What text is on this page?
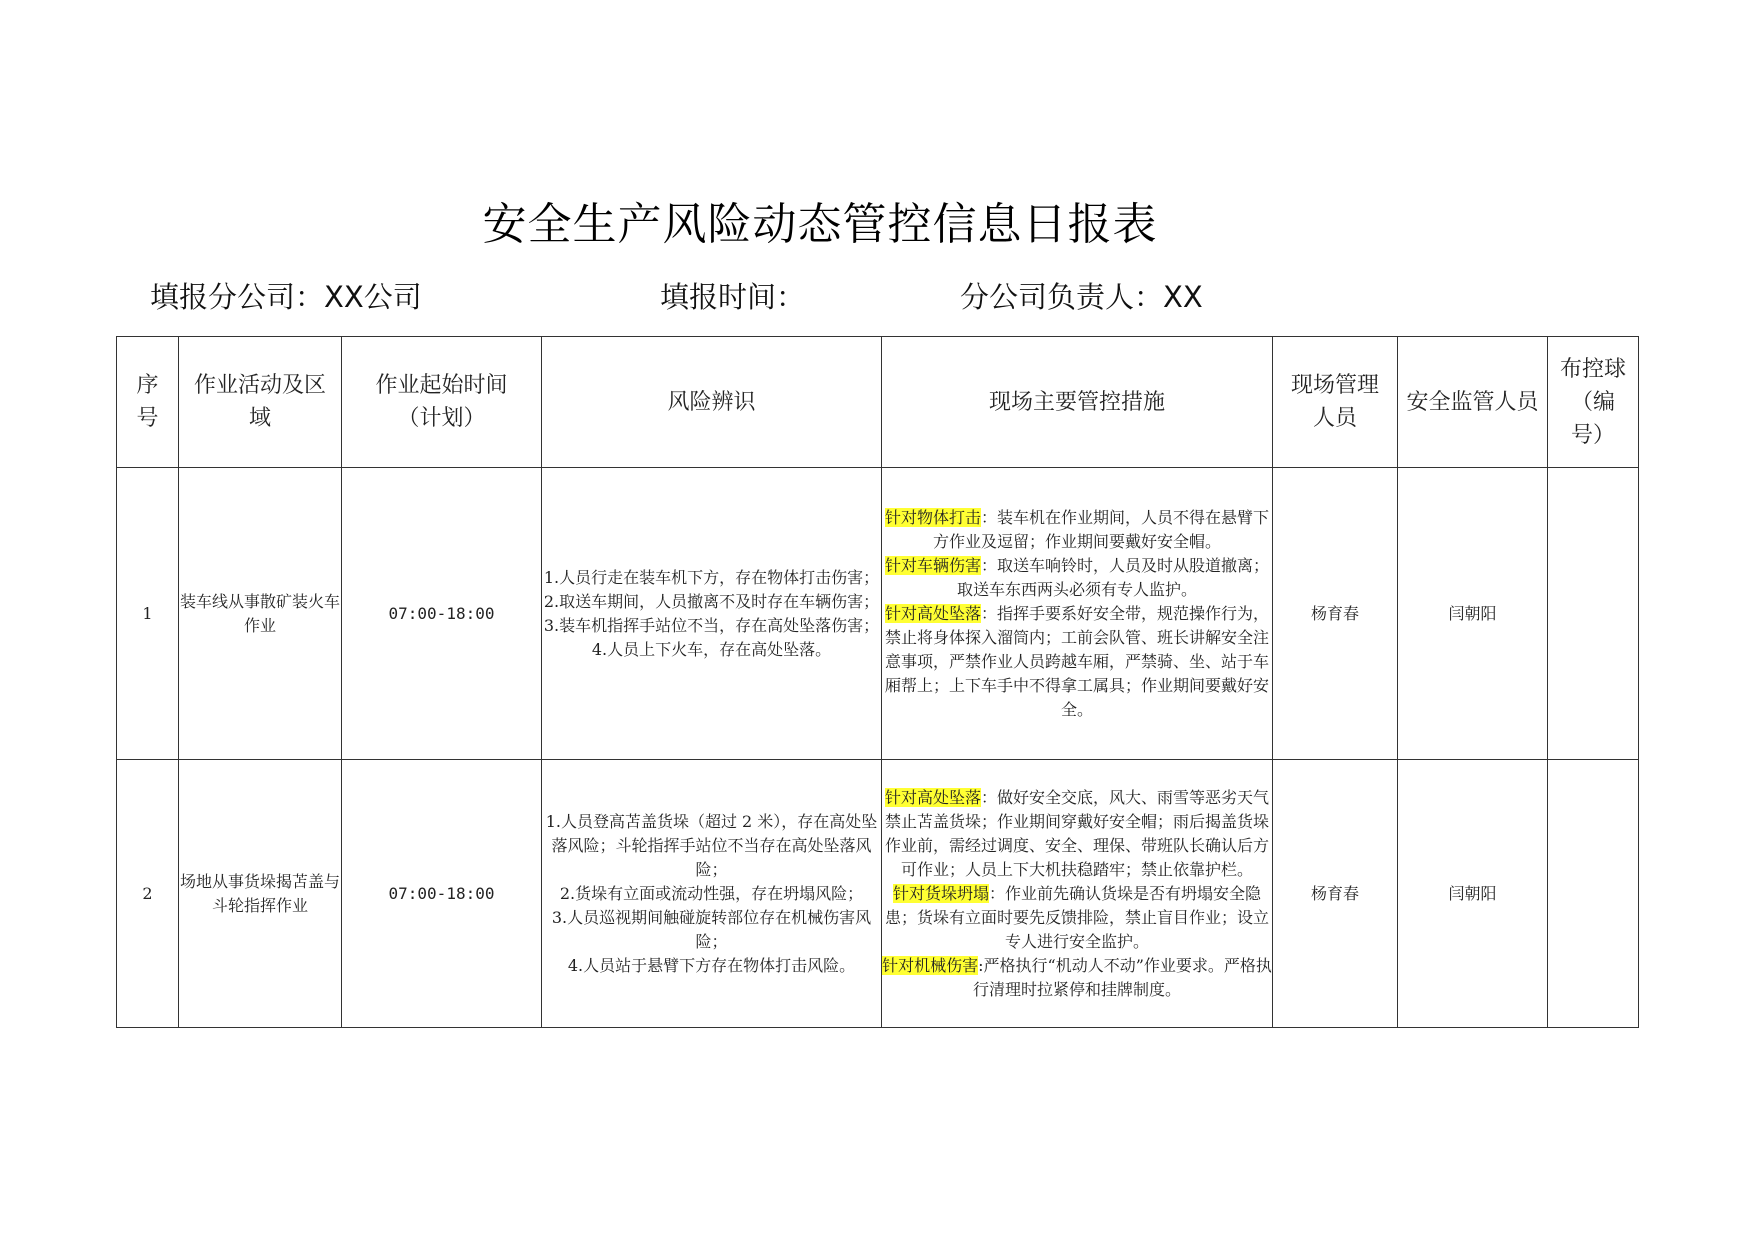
安全生产风险动态管控信息日报表
填报分公司：XX公司	填报时间：	分公司负责人：XX
序号	作业活动及区域	作业起始时间（计划）	风险辨识	现场主要管控措施	现场管理人员	安全监管人员	布控球（编号）
1	装车线从事散矿装火车作业	07:00-18:00	1.人员行走在装车机下方，存在物体打击伤害；
2.取送车期间，人员撤离不及时存在车辆伤害；
3.装车机指挥手站位不当，存在高处坠落伤害；
4.人员上下火车，存在高处坠落。	针对物体打击：装车机在作业期间，人员不得在悬臂下方作业及逗留；作业期间要戴好安全帽。
针对车辆伤害：取送车响铃时，人员及时从股道撤离；取送车东西两头必须有专人监护。
针对高处坠落：指挥手要系好安全带，规范操作行为，禁止将身体探入溜筒内；工前会队管、班长讲解安全注意事项，严禁作业人员跨越车厢，严禁骑、坐、站于车厢帮上；上下车手中不得拿工属具；作业期间要戴好安全。	杨育春	闫朝阳	
2	场地从事货垛揭苫盖与斗轮指挥作业	07:00-18:00	1.人员登高苫盖货垛（超过 2 米），存在高处坠落风险；斗轮指挥手站位不当存在高处坠落风险；
2.货垛有立面或流动性强，存在坍塌风险；
3.人员巡视期间触碰旋转部位存在机械伤害风险；
4.人员站于悬臂下方存在物体打击风险。	针对高处坠落：做好安全交底，风大、雨雪等恶劣天气禁止苫盖货垛；作业期间穿戴好安全帽；雨后揭盖货垛作业前，需经过调度、安全、理保、带班队长确认后方可作业；人员上下大机扶稳踏牢；禁止依靠护栏。
针对货垛坍塌：作业前先确认货垛是否有坍塌安全隐患；货垛有立面时要先反馈排险，禁止盲目作业；设立专人进行安全监护。
针对机械伤害:严格执行“机动人不动”作业要求。严格执行清理时拉紧停和挂牌制度。	杨育春	闫朝阳	
